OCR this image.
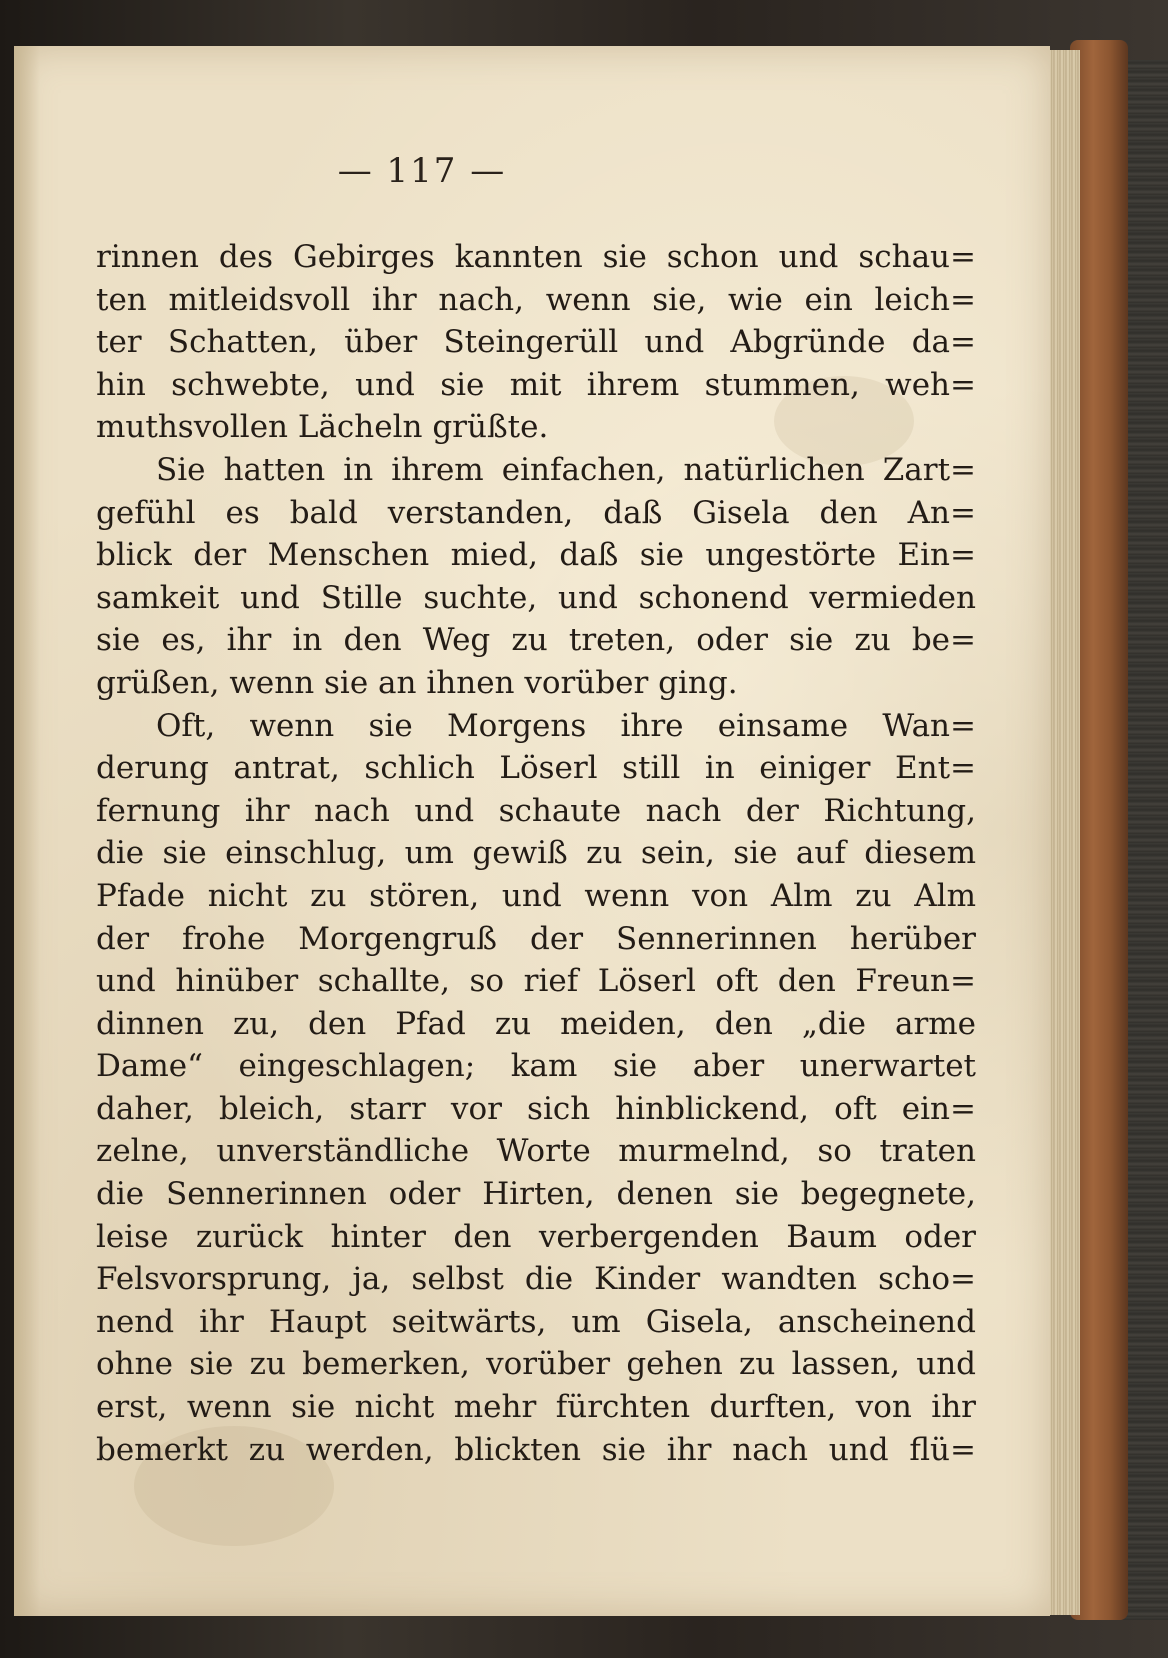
— 117 —
rinnen des Gebirges kannten sie schon und schau=
ten mitleidsvoll ihr nach, wenn sie, wie ein leich=
ter Schatten, über Steingerüll und Abgründe da=
hin schwebte, und sie mit ihrem stummen, weh=
muthsvollen Lächeln grüßte.
Sie hatten in ihrem einfachen, natürlichen Zart=
gefühl es bald verstanden, daß Gisela den An=
blick der Menschen mied, daß sie ungestörte Ein=
samkeit und Stille suchte, und schonend vermieden
sie es, ihr in den Weg zu treten, oder sie zu be=
grüßen, wenn sie an ihnen vorüber ging.
Oft, wenn sie Morgens ihre einsame Wan=
derung antrat, schlich Löserl still in einiger Ent=
fernung ihr nach und schaute nach der Richtung,
die sie einschlug, um gewiß zu sein, sie auf diesem
Pfade nicht zu stören, und wenn von Alm zu Alm
der frohe Morgengruß der Sennerinnen herüber
und hinüber schallte, so rief Löserl oft den Freun=
dinnen zu, den Pfad zu meiden, den „die arme
Dame“ eingeschlagen; kam sie aber unerwartet
daher, bleich, starr vor sich hinblickend, oft ein=
zelne, unverständliche Worte murmelnd, so traten
die Sennerinnen oder Hirten, denen sie begegnete,
leise zurück hinter den verbergenden Baum oder
Felsvorsprung, ja, selbst die Kinder wandten scho=
nend ihr Haupt seitwärts, um Gisela, anscheinend
ohne sie zu bemerken, vorüber gehen zu lassen, und
erst, wenn sie nicht mehr fürchten durften, von ihr
bemerkt zu werden, blickten sie ihr nach und flü=
